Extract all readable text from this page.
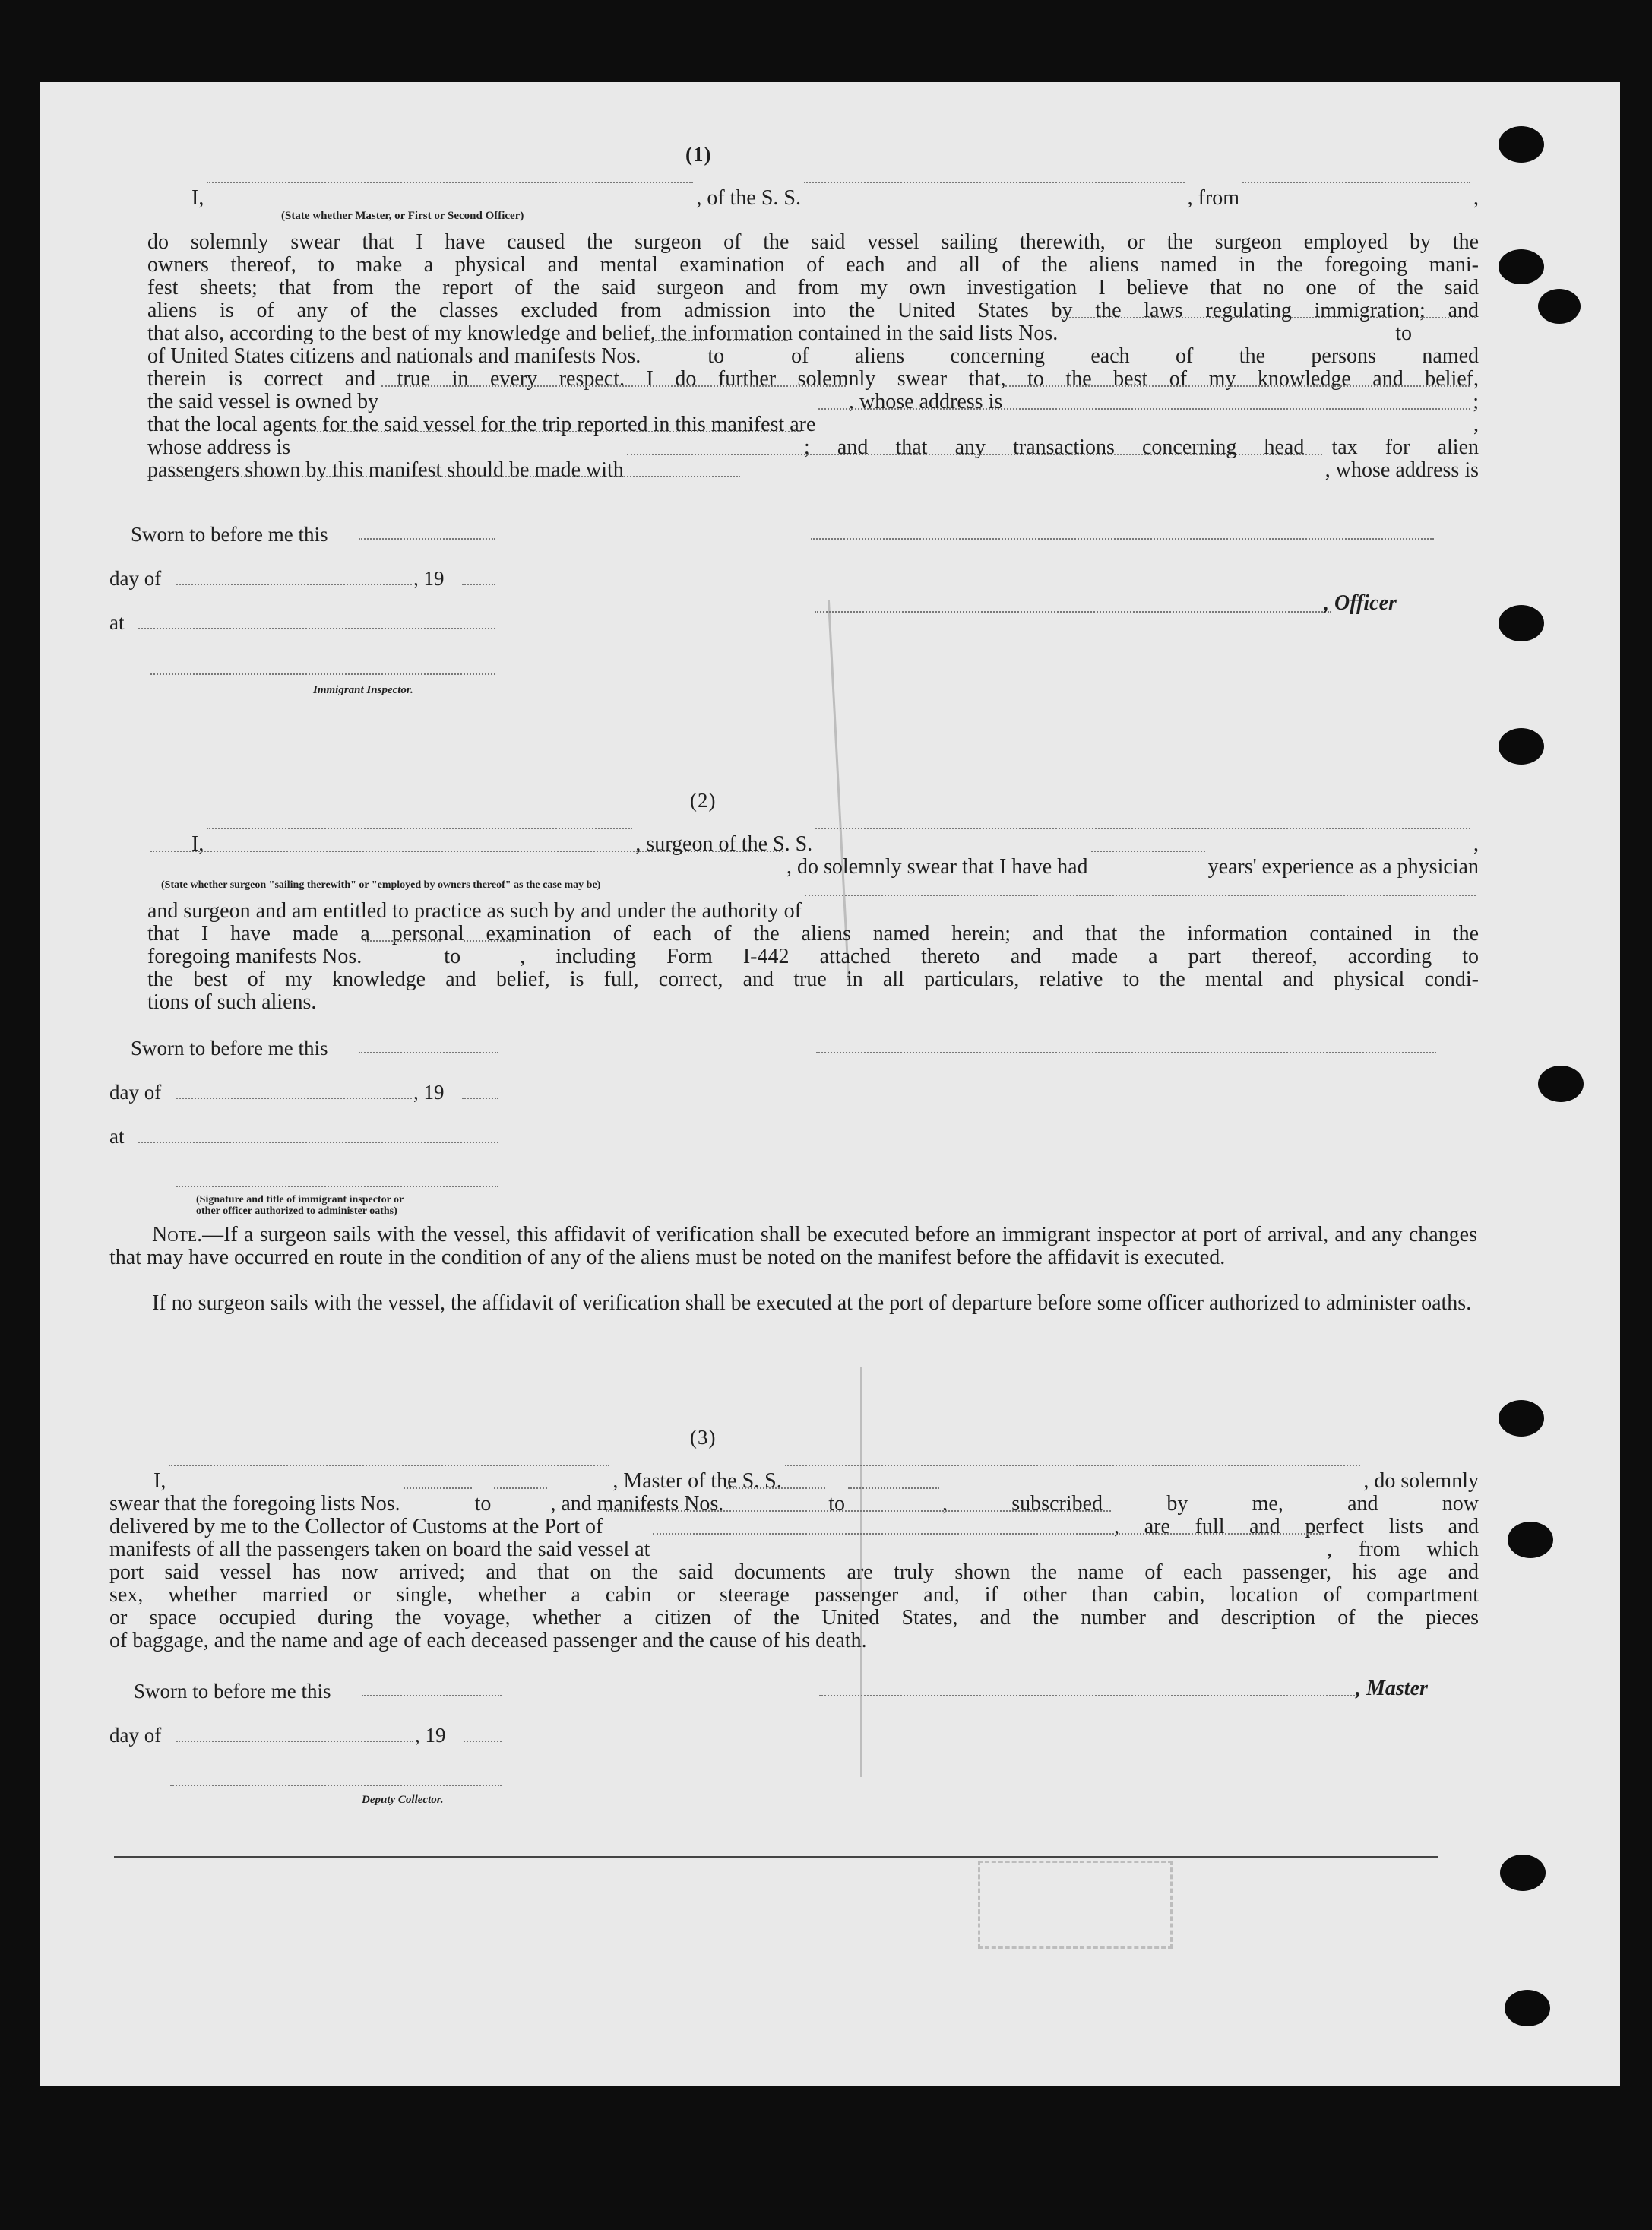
(1)
I,	, of the S. S.	, from	,
(State whether Master, or First or Second Officer)
do solemnly swear that I have caused the surgeon of the said vessel sailing therewith, or the surgeon employed by the
owners thereof, to make a physical and mental examination of each and all of the aliens named in the foregoing mani-
fest sheets; that from the report of the said surgeon and from my own investigation I believe that no one of the said
aliens is of any of the classes excluded from admission into the United States by the laws regulating immigration; and
that also, according to the best of my knowledge and belief, the information contained in the said lists Nos.	to
of United States citizens and nationals and manifests Nos.	to	of aliens concerning each of the persons named
therein is correct and true in every respect. I do further solemnly swear that, to the best of my knowledge and belief,
the said vessel is owned by	, whose address is	;
that the local agents for the said vessel for the trip reported in this manifest are	,
whose address is	; and that any transactions concerning head tax for alien
passengers shown by this manifest should be made with	, whose address is
Sworn to before me this
day of	, 19
at
, Officer
Immigrant Inspector.
(2)
I,	, surgeon of the S. S.	,
, do solemnly swear that I have had	years' experience as a physician
(State whether surgeon "sailing therewith" or "employed by owners thereof" as the case may be)
and surgeon and am entitled to practice as such by and under the authority of
that I have made a personal examination of each of the aliens named herein; and that the information contained in the
foregoing manifests Nos.	to	, including Form I-442 attached thereto and made a part thereof, according to
the best of my knowledge and belief, is full, correct, and true in all particulars, relative to the mental and physical condi-
tions of such aliens.
Sworn to before me this
day of	, 19
at
(Signature and title of immigrant inspector or
other officer authorized to administer oaths)
Note.—If a surgeon sails with the vessel, this affidavit of verification shall be executed before an immigrant inspector at port of arrival, and any changes that may have occurred en route in the condition of any of the aliens must be noted on the manifest before the affidavit is executed.
If no surgeon sails with the vessel, the affidavit of verification shall be executed at the port of departure before some officer authorized to administer oaths.
(3)
I,	, Master of the S. S.	, do solemnly
swear that the foregoing lists Nos.	to	, and manifests Nos.	to	, subscribed by me, and now
delivered by me to the Collector of Customs at the Port of	, are full and perfect lists and
manifests of all the passengers taken on board the said vessel at	, from which
port said vessel has now arrived; and that on the said documents are truly shown the name of each passenger, his age and
sex, whether married or single, whether a cabin or steerage passenger and, if other than cabin, location of compartment
or space occupied during the voyage, whether a citizen of the United States, and the number and description of the pieces
of baggage, and the name and age of each deceased passenger and the cause of his death.
Sworn to before me this	, Master
day of	, 19
Deputy Collector.
